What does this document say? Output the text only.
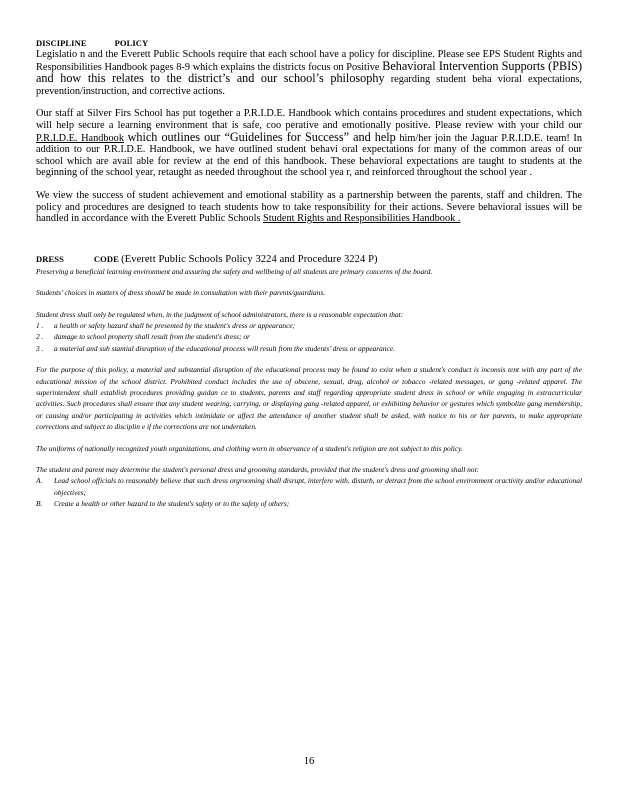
DISCIPLINE	POLICY

Legislatio n and the Everett Public Schools require that each school have a policy for discipline. Please see EPS Student Rights and Responsibilities Handbook pages 8-9 which explains the districts focus on Positive Behavioral Intervention Supports (PBIS) and how this relates to the district’s and our school’s philosophy regarding student beha vioral expectations, prevention/instruction, and corrective actions.

Our staff at Silver Firs School has put together a P.R.I.D.E. Handbook which contains procedures and student expectations, which will help secure a learning environment that is safe, coo perative and emotionally positive. Please review with your child our P.R.I.D.E. Handbook which outlines our “Guidelines for Success” and help him/her join the Jaguar P.R.I.D.E. team! In addition to our P.R.I.D.E. Handbook, we have outlined student behavi oral expectations for many of the common areas of our school which are avail able for review at the end of this handbook. These behavioral expectations are taught to students at the beginning of the school year, retaught as needed throughout the school yea r, and reinforced throughout the school year .

We view the success of student achievement and emotional stability as a partnership between the parents, staff and children. The policy and procedures are designed to teach students how to take responsibility for their actions. Severe behavioral issues will be handled in accordance with the Everett Public Schools Student Rights and Responsibilities Handbook .

DRESS	CODE (Everett Public Schools Policy 3224 and Procedure 3224 P)

Preserving a beneficial learning environment and assuring the safety and wellbeing of all students are primary concerns of the board.

Students’ choices in matters of dress should be made in consultation with their parents/guardians.

Student dress shall only be regulated when, in the judgment of school administrators, there is a reasonable expectation that:

1 .	a health or safety hazard shall be presented by the student's dress or appearance;
2 .	damage to school property shall result from the student's dress; or
3 .	a material and sub stantial disruption of the educational process will result from the students’ dress or appearance.

For the purpose of this policy, a material and substantial disruption of the educational process may be found to exist when a student's conduct is inconsis tent with any part of the educational mission of the school district. Prohibited conduct includes the use of obscene, sexual, drug, alcohol or tobacco -related messages, or gang -related apparel. The superintendent shall establish procedures providing guidan ce to students, parents and staff regarding appropriate student dress in school or while engaging in extracurricular activities. Such procedures shall ensure that any student wearing, carrying, or displaying gang -related apparel, or exhibiting behavior or gestures which symbolize gang membership, or causing and/or participating in activities which intimidate or affect the attendance of another student shall be asked, with notice to his or her parents, to make appropriate corrections and subject to disciplin e if the corrections are not undertaken.

The uniforms of nationally recognized youth organizations, and clothing worn in observance of a student's religion are not subject to this policy.

The student and parent may determine the student's personal dress and grooming standards, provided that the student's dress and grooming shall not:

A.	Lead school officials to reasonably believe that such dress orgrooming shall disrupt, interfere with, disturb, or detract from the school environment oractivity and/or educational objectives;
B.	Create a health or other hazard to the student's safety or to the safety of others;
16
